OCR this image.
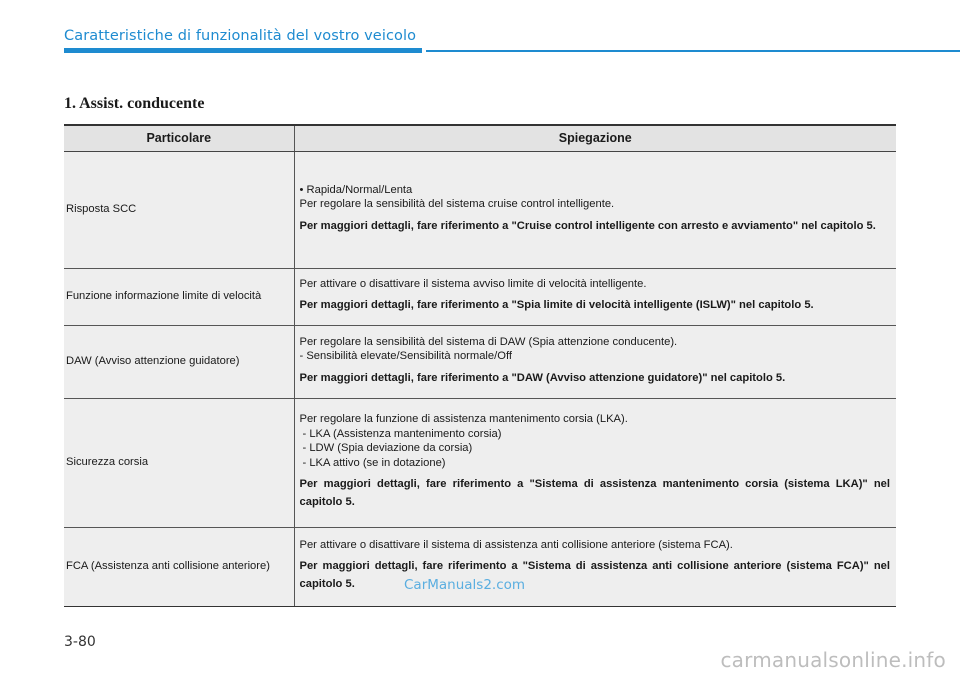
Caratteristiche di funzionalità del vostro veicolo
1. Assist. conducente
Particolare	Spiegazione
Risposta SCC	• Rapida/Normal/Lenta
Per regolare la sensibilità del sistema cruise control intelligente.
Per maggiori dettagli, fare riferimento a "Cruise control intelligente con arresto e avviamento" nel capitolo 5.

Funzione informazione limite di velocità	Per attivare o disattivare il sistema avviso limite di velocità intelligente.
Per maggiori dettagli, fare riferimento a "Spia limite di velocità intelligente (ISLW)" nel capitolo 5.

DAW (Avviso attenzione guidatore)	Per regolare la sensibilità del sistema di DAW (Spia attenzione conducente).
- Sensibilità elevate/Sensibilità normale/Off
Per maggiori dettagli, fare riferimento a "DAW (Avviso attenzione guidatore)" nel capitolo 5.

Sicurezza corsia	Per regolare la funzione di assistenza mantenimento corsia (LKA).
- LKA (Assistenza mantenimento corsia)
- LDW (Spia deviazione da corsia)
- LKA attivo (se in dotazione)
Per maggiori dettagli, fare riferimento a "Sistema di assistenza mantenimento corsia (sistema LKA)" nel capitolo 5.

FCA (Assistenza anti collisione anteriore)	Per attivare o disattivare il sistema di assistenza anti collisione anteriore (sistema FCA).
Per maggiori dettagli, fare riferimento a "Sistema di assistenza anti collisione anteriore (sistema FCA)" nel capitolo 5.	CarManuals2.com
3-80
carmanualsonline.info
